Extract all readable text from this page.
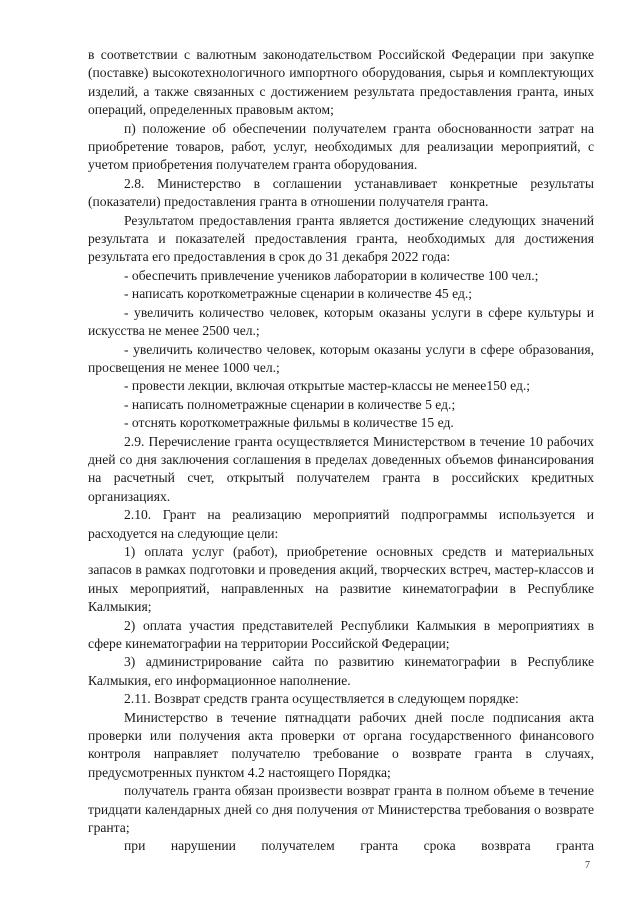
в соответствии с валютным законодательством Российской Федерации при закупке (поставке) высокотехнологичного импортного оборудования, сырья и комплектующих изделий, а также связанных с достижением результата предоставления гранта, иных операций, определенных правовым актом;

п) положение об обеспечении получателем гранта обоснованности затрат на приобретение товаров, работ, услуг, необходимых для реализации мероприятий, с учетом приобретения получателем гранта оборудования.

2.8. Министерство в соглашении устанавливает конкретные результаты (показатели) предоставления гранта в отношении получателя гранта.

Результатом предоставления гранта является достижение следующих значений результата и показателей предоставления гранта, необходимых для достижения результата его предоставления в срок до 31 декабря 2022 года:

- обеспечить привлечение учеников лаборатории в количестве 100 чел.;

- написать короткометражные сценарии в количестве 45 ед.;

- увеличить количество человек, которым оказаны услуги в сфере культуры и искусства не менее 2500 чел.;

- увеличить количество человек, которым оказаны услуги в сфере образования, просвещения не менее 1000 чел.;

- провести лекции, включая открытые мастер-классы не менее150 ед.;

- написать полнометражные сценарии в количестве 5 ед.;

- отснять короткометражные фильмы в количестве 15 ед.

2.9. Перечисление гранта осуществляется Министерством в течение 10 рабочих дней со дня заключения соглашения в пределах доведенных объемов финансирования на расчетный счет, открытый получателем гранта в российских кредитных организациях.

2.10. Грант на реализацию мероприятий подпрограммы используется и расходуется на следующие цели:

1) оплата услуг (работ), приобретение основных средств и материальных запасов в рамках подготовки и проведения акций, творческих встреч, мастер-классов и иных мероприятий, направленных на развитие кинематографии в Республике Калмыкия;

2) оплата участия представителей Республики Калмыкия в мероприятиях в сфере кинематографии на территории Российской Федерации;

3) администрирование сайта по развитию кинематографии в Республике Калмыкия, его информационное наполнение.

2.11. Возврат средств гранта осуществляется в следующем порядке:

Министерство в течение пятнадцати рабочих дней после подписания акта проверки или получения акта проверки от органа государственного финансового контроля направляет получателю требование о возврате гранта в случаях, предусмотренных пунктом 4.2 настоящего Порядка;

получатель гранта обязан произвести возврат гранта в полном объеме в течение тридцати календарных дней со дня получения от Министерства требования о возврате гранта;

при нарушении получателем гранта срока возврата гранта

7
